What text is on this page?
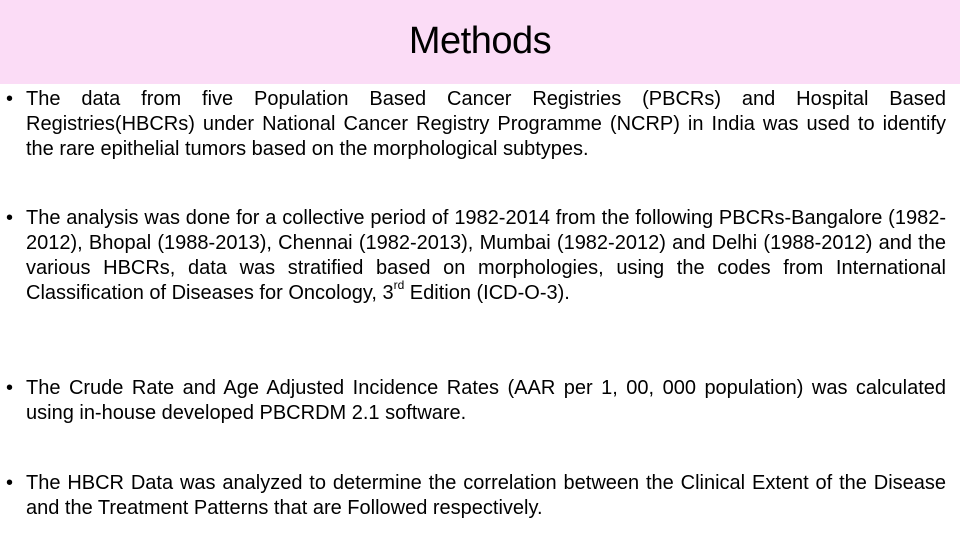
Methods
• The data from five Population Based Cancer Registries (PBCRs) and Hospital Based Registries(HBCRs) under National Cancer Registry Programme (NCRP) in India was used to identify the rare epithelial tumors based on the morphological subtypes.
• The analysis was done for a collective period of 1982-2014 from the following PBCRs-Bangalore (1982-2012), Bhopal (1988-2013), Chennai (1982-2013), Mumbai (1982-2012) and Delhi (1988-2012) and the various HBCRs, data was stratified based on morphologies, using the codes from International Classification of Diseases for Oncology, 3rd Edition (ICD-O-3).
• The Crude Rate and Age Adjusted Incidence Rates (AAR per 1, 00, 000 population) was calculated using in-house developed PBCRDM 2.1 software.
• The HBCR Data was analyzed to determine the correlation between the Clinical Extent of the Disease and the Treatment Patterns that are Followed respectively.
